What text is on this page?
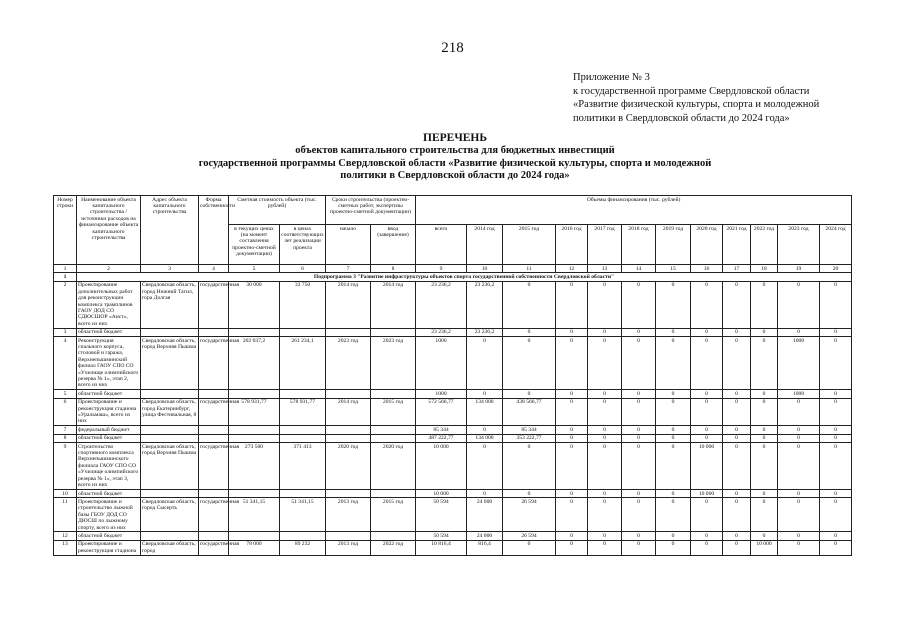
218
Приложение № 3
к государственной программе Свердловской области
«Развитие физической культуры, спорта и молодежной
политики в Свердловской области до 2024 года»
ПЕРЕЧЕНЬ
объектов капитального строительства для бюджетных инвестиций
государственной программы Свердловской области «Развитие физической культуры, спорта и молодежной
политики в Свердловской области до 2024 года»
Номер строки	Наименование объекта капитального строительства / источники расходов на финансирование объекта капитального строительства	Адрес объекта капитального строительства	Форма собственности	Сметная стоимость объекта (тыс. рублей)		Сроки строительства (проектно-сметных работ, экспертизы проектно-сметной документации)		Объемы финансирования (тыс. рублей)											
				в текущих ценах (на момент составления проектно-сметной документации)	в ценах соответствующих лет реализации проекта	начало	ввод (завершение)	всего	2014 год	2015 год	2016 год	2017 год	2018 год	2019 год	2020 год	2021 год	2022 год	2023 год	2024 год
1	2	3	4	5	6	7	8	9	10	11	12	13	14	15	16	17	18	19	20
1	Подпрограмма 3 "Развитие инфраструктуры объектов спорта государственной собственности Свердловской области"																		
2	Проектирование дополнительных работ для реконструкции комплекса трамплинов ГАОУ ДОД СО СДЮСШОР «Аист», всего из них	Свердловская область, город Нижний Тагил, гора Долгая	государственная	30 000	33 750	2014 год	2014 год	23 236,2	23 236,2	0	0	0	0	0	0	0	0	0	0
3	областной бюджет							23 236,2	23 236,2	0	0	0	0	0	0	0	0	0	0
4	Реконструкция спального корпуса, столовой и гаража, Верхнепышминский филиал ГАОУ СПО СО «Училище олимпийского резерва № 1», этап 2, всего из них	Свердловская область, город Верхняя Пышма	государственная	202 037,2	261 234,1	2023 год	2023 год	1000	0	0	0	0	0	0	0	0	0	1000	0
5	областной бюджет							1000	0	0	0	0	0	0	0	0	0	1000	0
6	Проектирование и реконструкция стадиона «Уральмаш», всего из них	Свердловская область, город Екатеринбург, улица Фестивальная, 8	государственная	578 931,77	578 931,77	2014 год	2015 год	572 566,77	134 000	438 566,77	0	0	0	0	0	0	0	0	0
7	федеральный бюджет							85 344	0	85 344	0	0	0	0	0	0	0	0	0
8	областной бюджет							487 222,77	134 000	353 222,77	0	0	0	0	0	0	0	0	0
9	Строительство спортивного комплекса Верхнепышминского филиала ГАОУ СПО СО «Училище олимпийского резерва № 1», этап 3, всего из них	Свердловская область, город Верхняя Пышма	государственная	273 500	371 413	2020 год	2020 год	10 000	0	0	0	0	0	0	10 000	0	0	0	0
10	областной бюджет							10 000	0	0	0	0	0	0	10 000	0	0	0	0
11	Проектирование и строительство лыжной базы ГБОУ ДОД СО ДЮСШ по лыжному спорту, всего из них	Свердловская область, город Сысерть	государственная	51 341,15	51 341,15	2013 год	2015 год	50 594	24 000	26 594	0	0	0	0	0	0	0	0	0
12	областной бюджет							50 594	24 000	26 594	0	0	0	0	0	0	0	0	0
13	Проектирование и реконструкция стадиона	Свердловская область, город	государственная	78 000	89 232	2013 год	2022 год	10 816,4	816,4	0	0	0	0	0	0	0	10 000	0	0
